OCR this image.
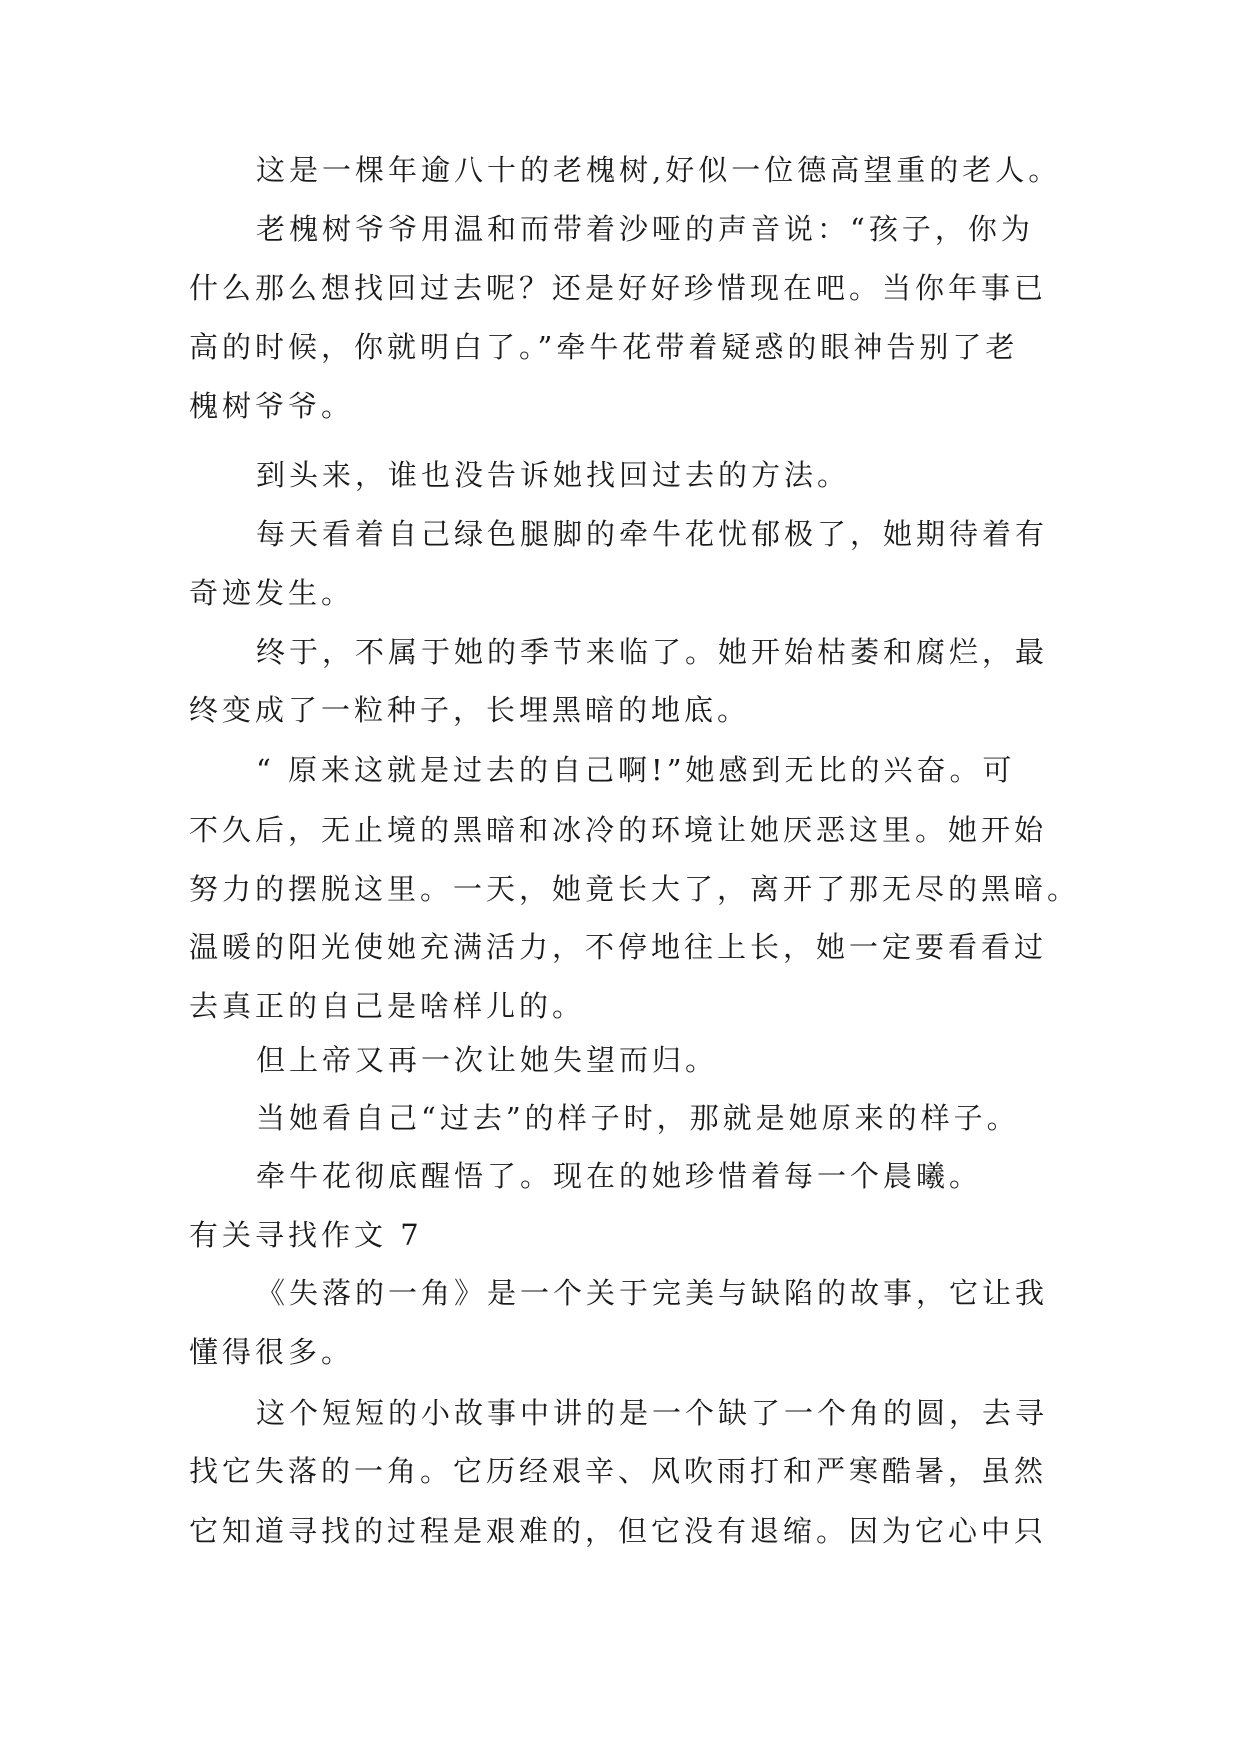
这是一棵年逾八十的老槐树,好似一位德高望重的老人。
老槐树爷爷用温和而带着沙哑的声音说：“孩子，你为
什么那么想找回过去呢？还是好好珍惜现在吧。当你年事已
高的时候，你就明白了。”牵牛花带着疑惑的眼神告别了老
槐树爷爷。
到头来，谁也没告诉她找回过去的方法。
每天看着自己绿色腿脚的牵牛花忧郁极了，她期待着有
奇迹发生。
终于，不属于她的季节来临了。她开始枯萎和腐烂，最
终变成了一粒种子，长埋黑暗的地底。
“ 原来这就是过去的自己啊!”她感到无比的兴奋。可
不久后，无止境的黑暗和冰冷的环境让她厌恶这里。她开始
努力的摆脱这里。一天，她竟长大了，离开了那无尽的黑暗。
温暖的阳光使她充满活力，不停地往上长，她一定要看看过
去真正的自己是啥样儿的。
但上帝又再一次让她失望而归。
当她看自己“过去”的样子时，那就是她原来的样子。
牵牛花彻底醒悟了。现在的她珍惜着每一个晨曦。
有关寻找作文 7
《失落的一角》是一个关于完美与缺陷的故事，它让我
懂得很多。
这个短短的小故事中讲的是一个缺了一个角的圆，去寻
找它失落的一角。它历经艰辛、风吹雨打和严寒酷暑，虽然
它知道寻找的过程是艰难的，但它没有退缩。因为它心中只
